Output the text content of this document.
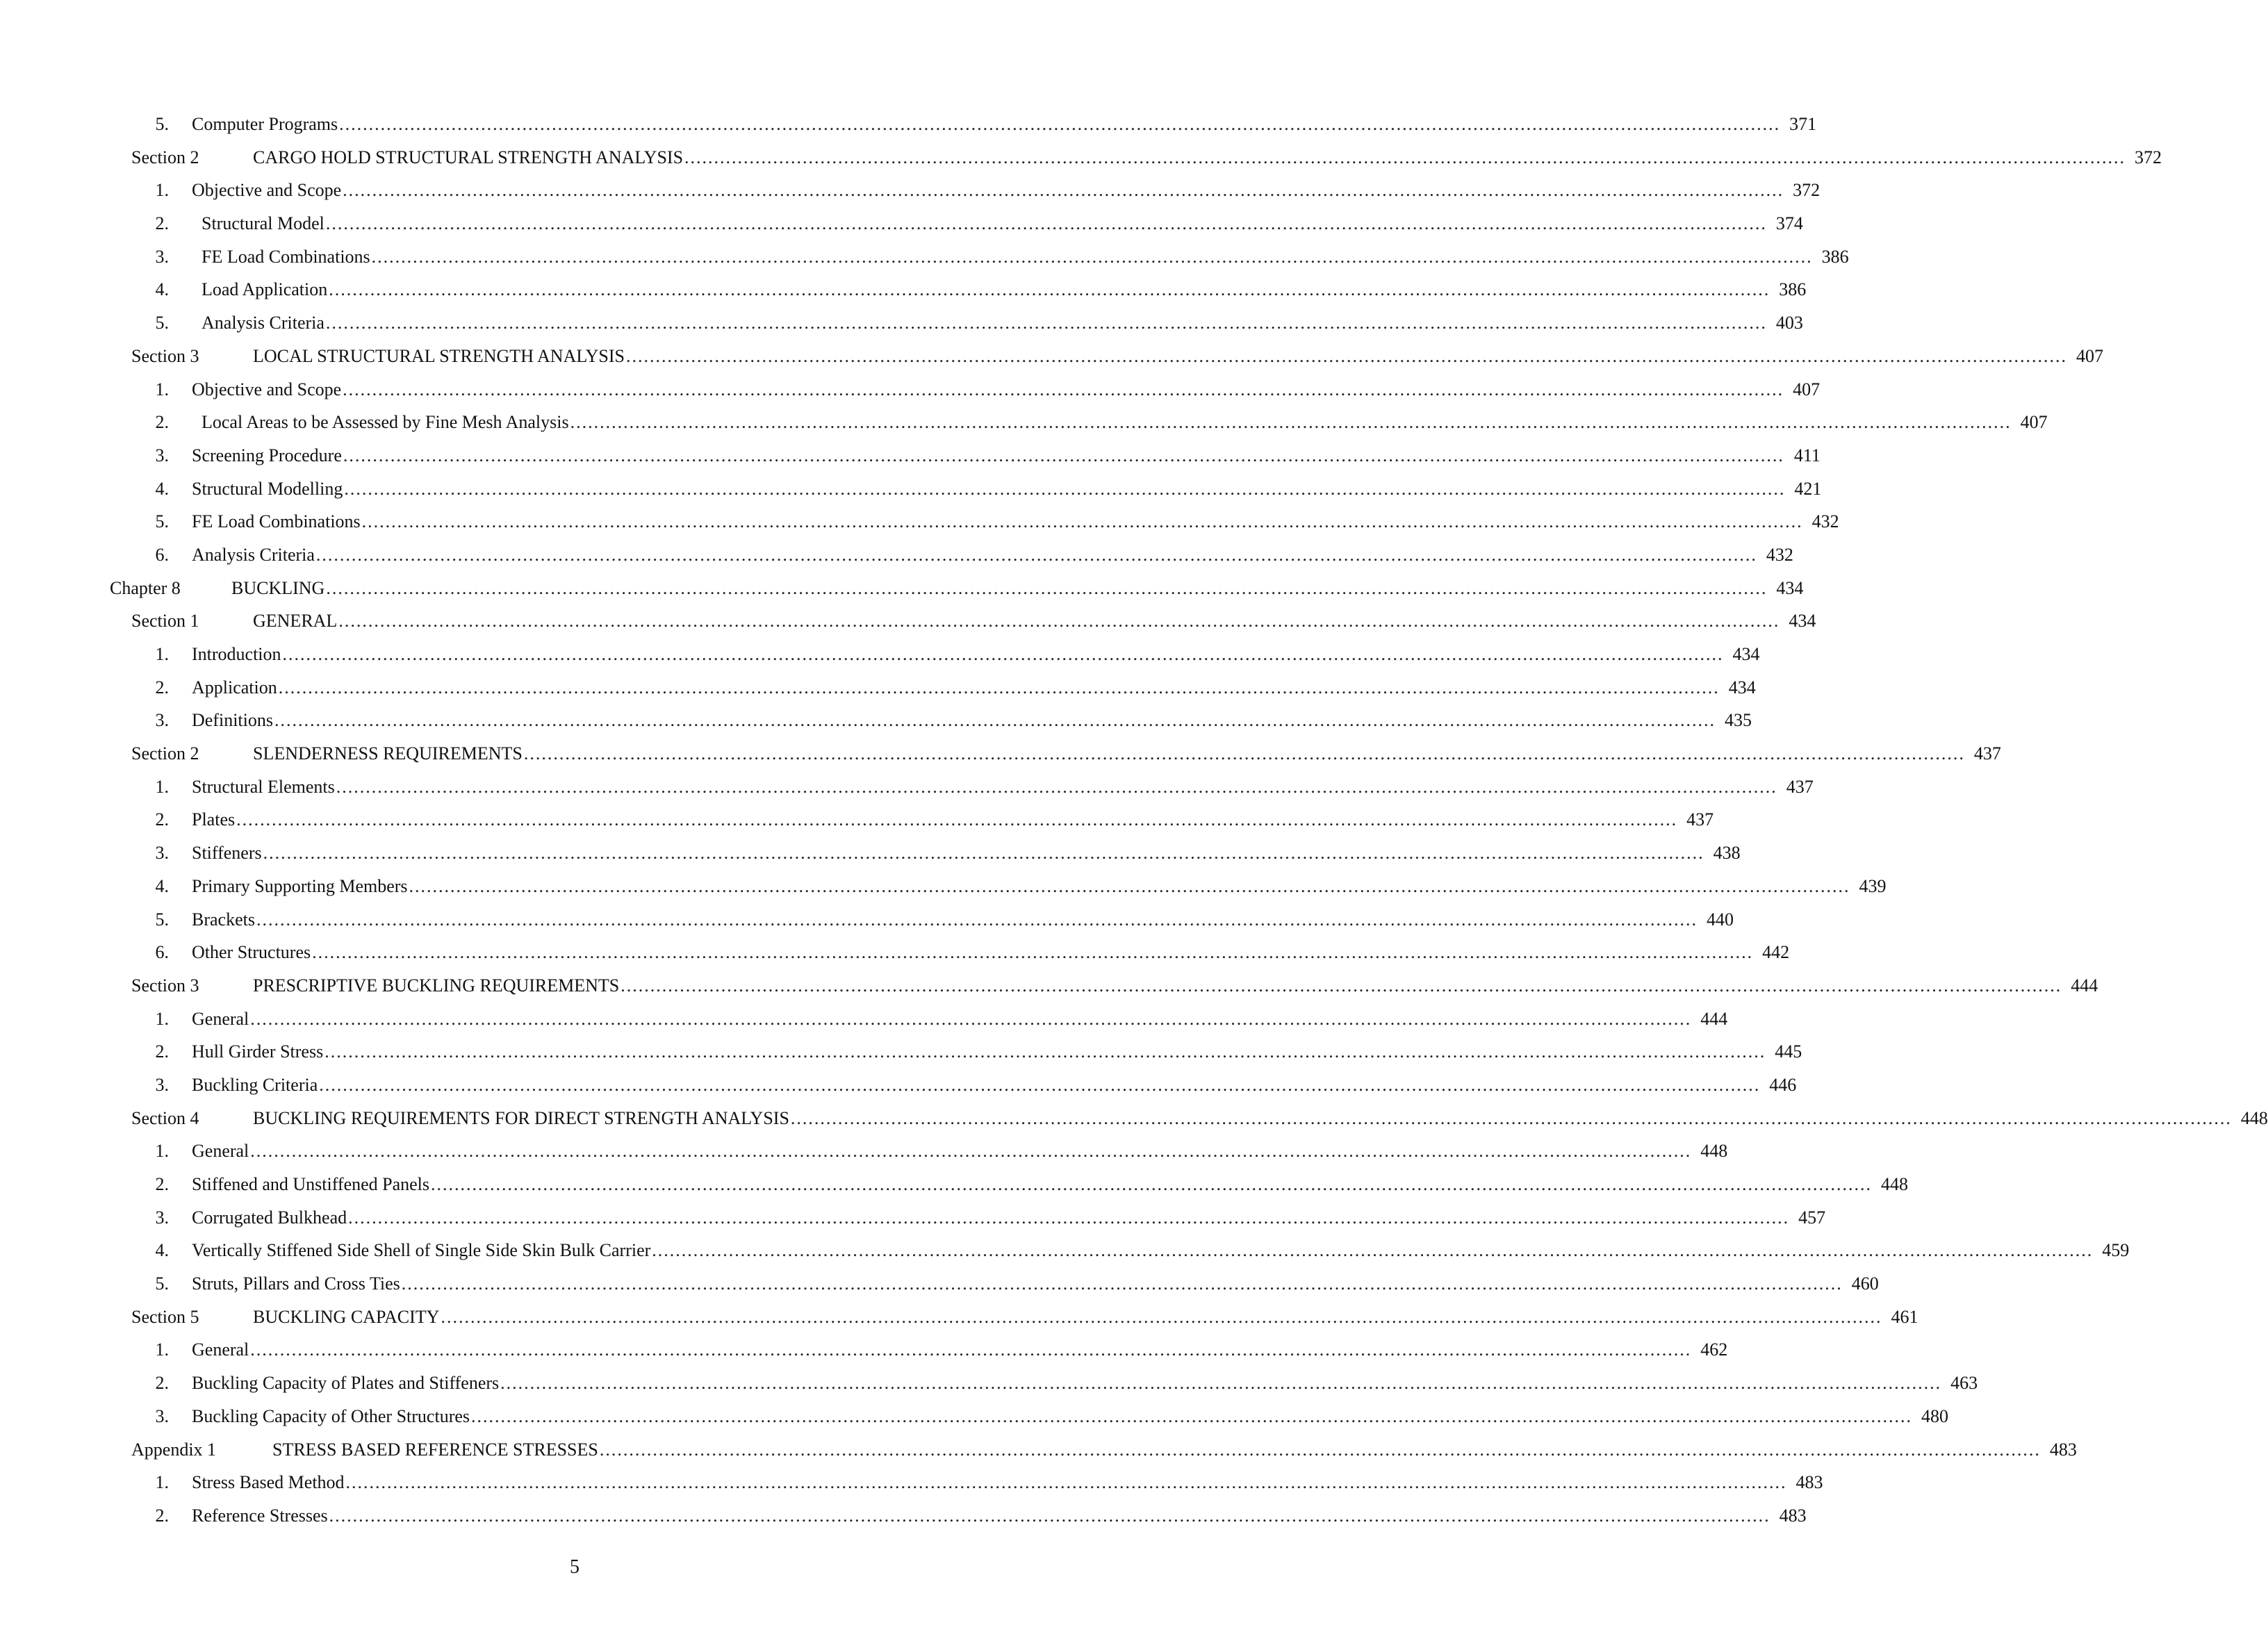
5. Computer Programs .................................................................................................................................................................................................................................................... 371
Section 2	CARGO HOLD STRUCTURAL STRENGTH ANALYSIS .................................................................................................................................................................................................................................................... 372
1. Objective and Scope .................................................................................................................................................................................................................................................... 372
2. Structural Model .................................................................................................................................................................................................................................................... 374
3. FE Load Combinations .................................................................................................................................................................................................................................................... 386
4. Load Application .................................................................................................................................................................................................................................................... 386
5. Analysis Criteria .................................................................................................................................................................................................................................................... 403
Section 3	LOCAL STRUCTURAL STRENGTH ANALYSIS .................................................................................................................................................................................................................................................... 407
1. Objective and Scope .................................................................................................................................................................................................................................................... 407
2. Local Areas to be Assessed by Fine Mesh Analysis .................................................................................................................................................................................................................................................... 407
3. Screening Procedure .................................................................................................................................................................................................................................................... 411
4. Structural Modelling .................................................................................................................................................................................................................................................... 421
5. FE Load Combinations .................................................................................................................................................................................................................................................... 432
6. Analysis Criteria .................................................................................................................................................................................................................................................... 432
Chapter 8	BUCKLING .................................................................................................................................................................................................................................................... 434
Section 1	GENERAL .................................................................................................................................................................................................................................................... 434
1. Introduction .................................................................................................................................................................................................................................................... 434
2. Application .................................................................................................................................................................................................................................................... 434
3. Definitions .................................................................................................................................................................................................................................................... 435
Section 2	SLENDERNESS REQUIREMENTS .................................................................................................................................................................................................................................................... 437
1. Structural Elements .................................................................................................................................................................................................................................................... 437
2. Plates .................................................................................................................................................................................................................................................... 437
3. Stiffeners .................................................................................................................................................................................................................................................... 438
4. Primary Supporting Members .................................................................................................................................................................................................................................................... 439
5. Brackets .................................................................................................................................................................................................................................................... 440
6. Other Structures .................................................................................................................................................................................................................................................... 442
Section 3	PRESCRIPTIVE BUCKLING REQUIREMENTS .................................................................................................................................................................................................................................................... 444
1. General .................................................................................................................................................................................................................................................... 444
2. Hull Girder Stress .................................................................................................................................................................................................................................................... 445
3. Buckling Criteria .................................................................................................................................................................................................................................................... 446
Section 4	BUCKLING REQUIREMENTS FOR DIRECT STRENGTH ANALYSIS .................................................................................................................................................................................................................................................... 448
1. General .................................................................................................................................................................................................................................................... 448
2. Stiffened and Unstiffened Panels .................................................................................................................................................................................................................................................... 448
3. Corrugated Bulkhead .................................................................................................................................................................................................................................................... 457
4. Vertically Stiffened Side Shell of Single Side Skin Bulk Carrier .................................................................................................................................................................................................................................................... 459
5. Struts, Pillars and Cross Ties .................................................................................................................................................................................................................................................... 460
Section 5	BUCKLING CAPACITY .................................................................................................................................................................................................................................................... 461
1. General .................................................................................................................................................................................................................................................... 462
2. Buckling Capacity of Plates and Stiffeners .................................................................................................................................................................................................................................................... 463
3. Buckling Capacity of Other Structures .................................................................................................................................................................................................................................................... 480
Appendix 1	STRESS BASED REFERENCE STRESSES .................................................................................................................................................................................................................................................... 483
1. Stress Based Method .................................................................................................................................................................................................................................................... 483
2. Reference Stresses .................................................................................................................................................................................................................................................... 483
5
